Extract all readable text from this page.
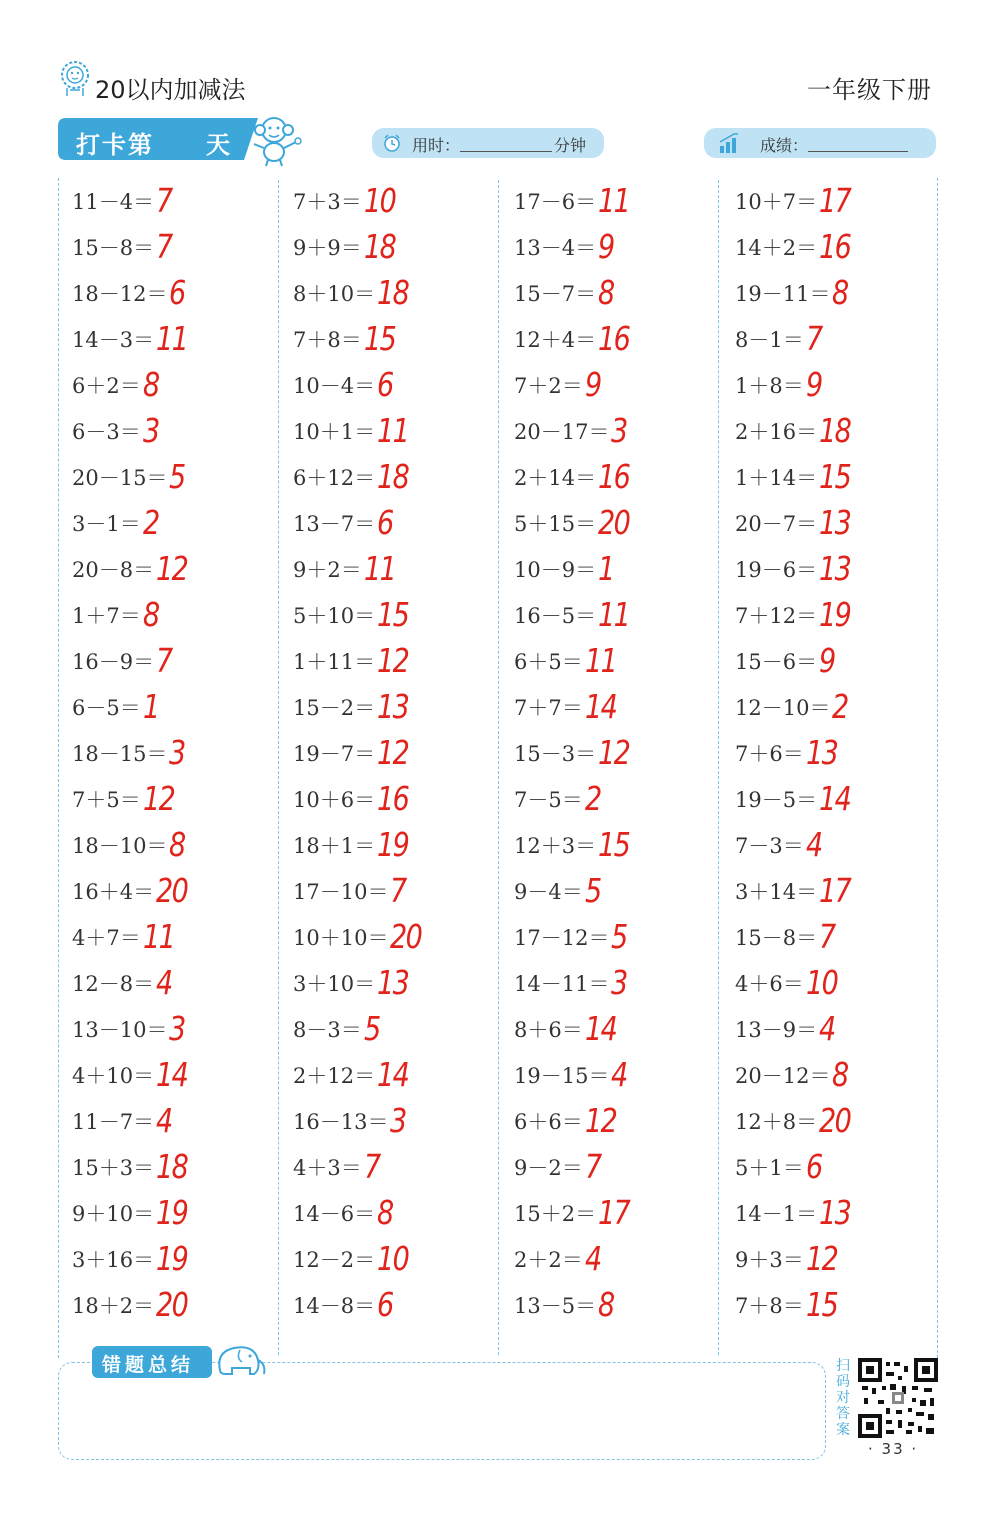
20以内加减法	一年级下册
打卡第 天	用时：	分钟	成绩：
11－4＝ 7
15－8＝ 7
18－12＝ 6
14－3＝ 11
6＋2＝ 8
6－3＝ 3
20－15＝ 5
3－1＝ 2
20－8＝ 12
1＋7＝ 8
16－9＝ 7
6－5＝ 1
18－15＝ 3
7＋5＝ 12
18－10＝ 8
16＋4＝ 20
4＋7＝ 11
12－8＝ 4
13－10＝ 3
4＋10＝ 14
11－7＝ 4
15＋3＝ 18
9＋10＝ 19
3＋16＝ 19
18＋2＝ 20
7＋3＝ 10
9＋9＝ 18
8＋10＝ 18
7＋8＝ 15
10－4＝ 6
10＋1＝ 11
6＋12＝ 18
13－7＝ 6
9＋2＝ 11
5＋10＝ 15
1＋11＝ 12
15－2＝ 13
19－7＝ 12
10＋6＝ 16
18＋1＝ 19
17－10＝ 7
10＋10＝ 20
3＋10＝ 13
8－3＝ 5
2＋12＝ 14
16－13＝ 3
4＋3＝ 7
14－6＝ 8
12－2＝ 10
14－8＝ 6
17－6＝ 11
13－4＝ 9
15－7＝ 8
12＋4＝ 16
7＋2＝ 9
20－17＝ 3
2＋14＝ 16
5＋15＝ 20
10－9＝ 1
16－5＝ 11
6＋5＝ 11
7＋7＝ 14
15－3＝ 12
7－5＝ 2
12＋3＝ 15
9－4＝ 5
17－12＝ 5
14－11＝ 3
8＋6＝ 14
19－15＝ 4
6＋6＝ 12
9－2＝ 7
15＋2＝ 17
2＋2＝ 4
13－5＝ 8
10＋7＝ 17
14＋2＝ 16
19－11＝ 8
8－1＝ 7
1＋8＝ 9
2＋16＝ 18
1＋14＝ 15
20－7＝ 13
19－6＝ 13
7＋12＝ 19
15－6＝ 9
12－10＝ 2
7＋6＝ 13
19－5＝ 14
7－3＝ 4
3＋14＝ 17
15－8＝ 7
4＋6＝ 10
13－9＝ 4
20－12＝ 8
12＋8＝ 20
5＋1＝ 6
14－1＝ 13
9＋3＝ 12
7＋8＝ 15
错题总结	扫码对答案
· 33 ·
